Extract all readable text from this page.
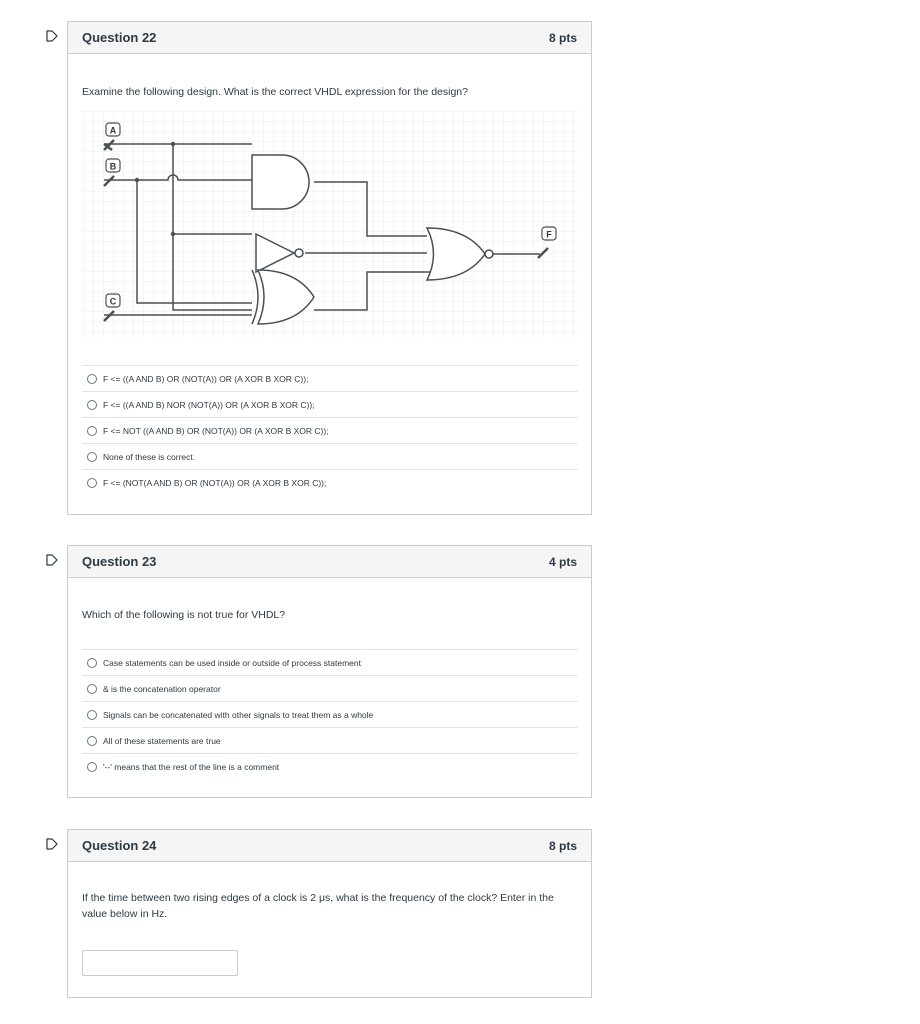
Question 22	8 pts
Examine the following design. What is the correct VHDL expression for the design?
A
B
C
F
F <= ((A AND B) OR (NOT(A)) OR (A XOR B XOR C));
F <= ((A AND B) NOR (NOT(A)) OR (A XOR B XOR C));
F <= NOT ((A AND B) OR (NOT(A)) OR (A XOR B XOR C));
None of these is correct.
F <= (NOT(A AND B) OR (NOT(A)) OR (A XOR B XOR C));
Question 23	4 pts
Which of the following is not true for VHDL?
Case statements can be used inside or outside of process statement
& is the concatenation operator
Signals can be concatenated with other signals to treat them as a whole
All of these statements are true
'--' means that the rest of the line is a comment
Question 24	8 pts
If the time between two rising edges of a clock is 2 μs, what is the frequency of the clock? Enter in the value below in Hz.
